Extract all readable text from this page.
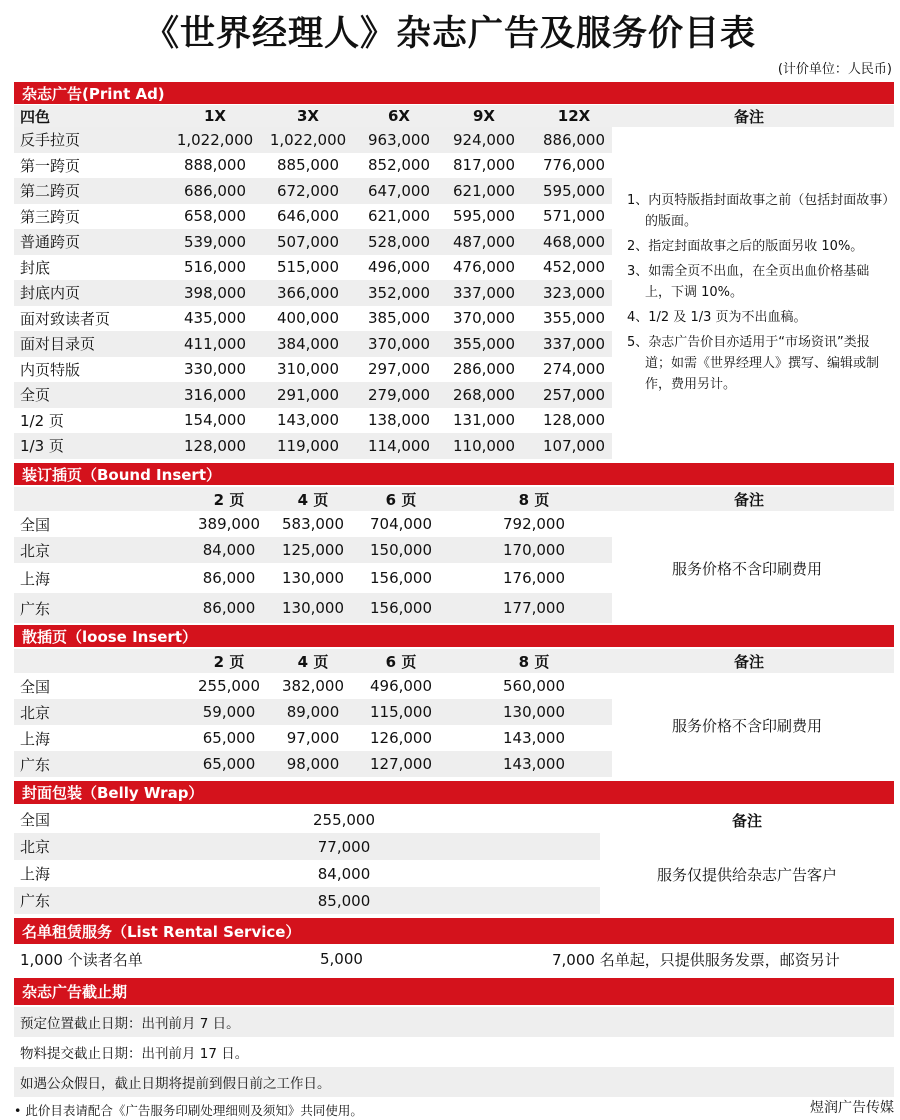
《世界经理人》杂志广告及服务价目表
(计价单位：人民币)
杂志广告(Print Ad)
四色	1X	3X	6X	9X	12X	备注
反手拉页	1,022,000	1,022,000	963,000	924,000	886,000
第一跨页	888,000	885,000	852,000	817,000	776,000
第二跨页	686,000	672,000	647,000	621,000	595,000
第三跨页	658,000	646,000	621,000	595,000	571,000
普通跨页	539,000	507,000	528,000	487,000	468,000
封底	516,000	515,000	496,000	476,000	452,000
封底内页	398,000	366,000	352,000	337,000	323,000
面对致读者页	435,000	400,000	385,000	370,000	355,000
面对目录页	411,000	384,000	370,000	355,000	337,000
内页特版	330,000	310,000	297,000	286,000	274,000
全页	316,000	291,000	279,000	268,000	257,000
1/2 页	154,000	143,000	138,000	131,000	128,000
1/3 页	128,000	119,000	114,000	110,000	107,000
1、内页特版指封面故事之前（包括封面故事）的版面。
2、指定封面故事之后的版面另收 10%。
3、如需全页不出血，在全页出血价格基础上，下调 10%。
4、1/2 及 1/3 页为不出血稿。
5、杂志广告价目亦适用于“市场资讯”类报道；如需《世界经理人》撰写、编辑或制作，费用另计。
装订插页（Bound Insert）
2 页	4 页	6 页	8 页	备注
全国	389,000	583,000	704,000	792,000
北京	84,000	125,000	150,000	170,000
上海	86,000	130,000	156,000	176,000
广东	86,000	130,000	156,000	177,000
服务价格不含印刷费用
散插页（loose Insert）
2 页	4 页	6 页	8 页	备注
全国	255,000	382,000	496,000	560,000
北京	59,000	89,000	115,000	130,000
上海	65,000	97,000	126,000	143,000
广东	65,000	98,000	127,000	143,000
服务价格不含印刷费用
封面包装（Belly Wrap）
全国	255,000
北京	77,000
上海	84,000
广东	85,000
备注
服务仅提供给杂志广告客户
名单租赁服务（List Rental Service）
1,000 个读者名单	5,000	7,000 名单起，只提供服务发票，邮资另计
杂志广告截止期
预定位置截止日期：出刊前月 7 日。
物料提交截止日期：出刊前月 17 日。
如遇公众假日，截止日期将提前到假日前之工作日。
• 此价目表请配合《广告服务印刷处理细则及须知》共同使用。	煜润广告传媒
